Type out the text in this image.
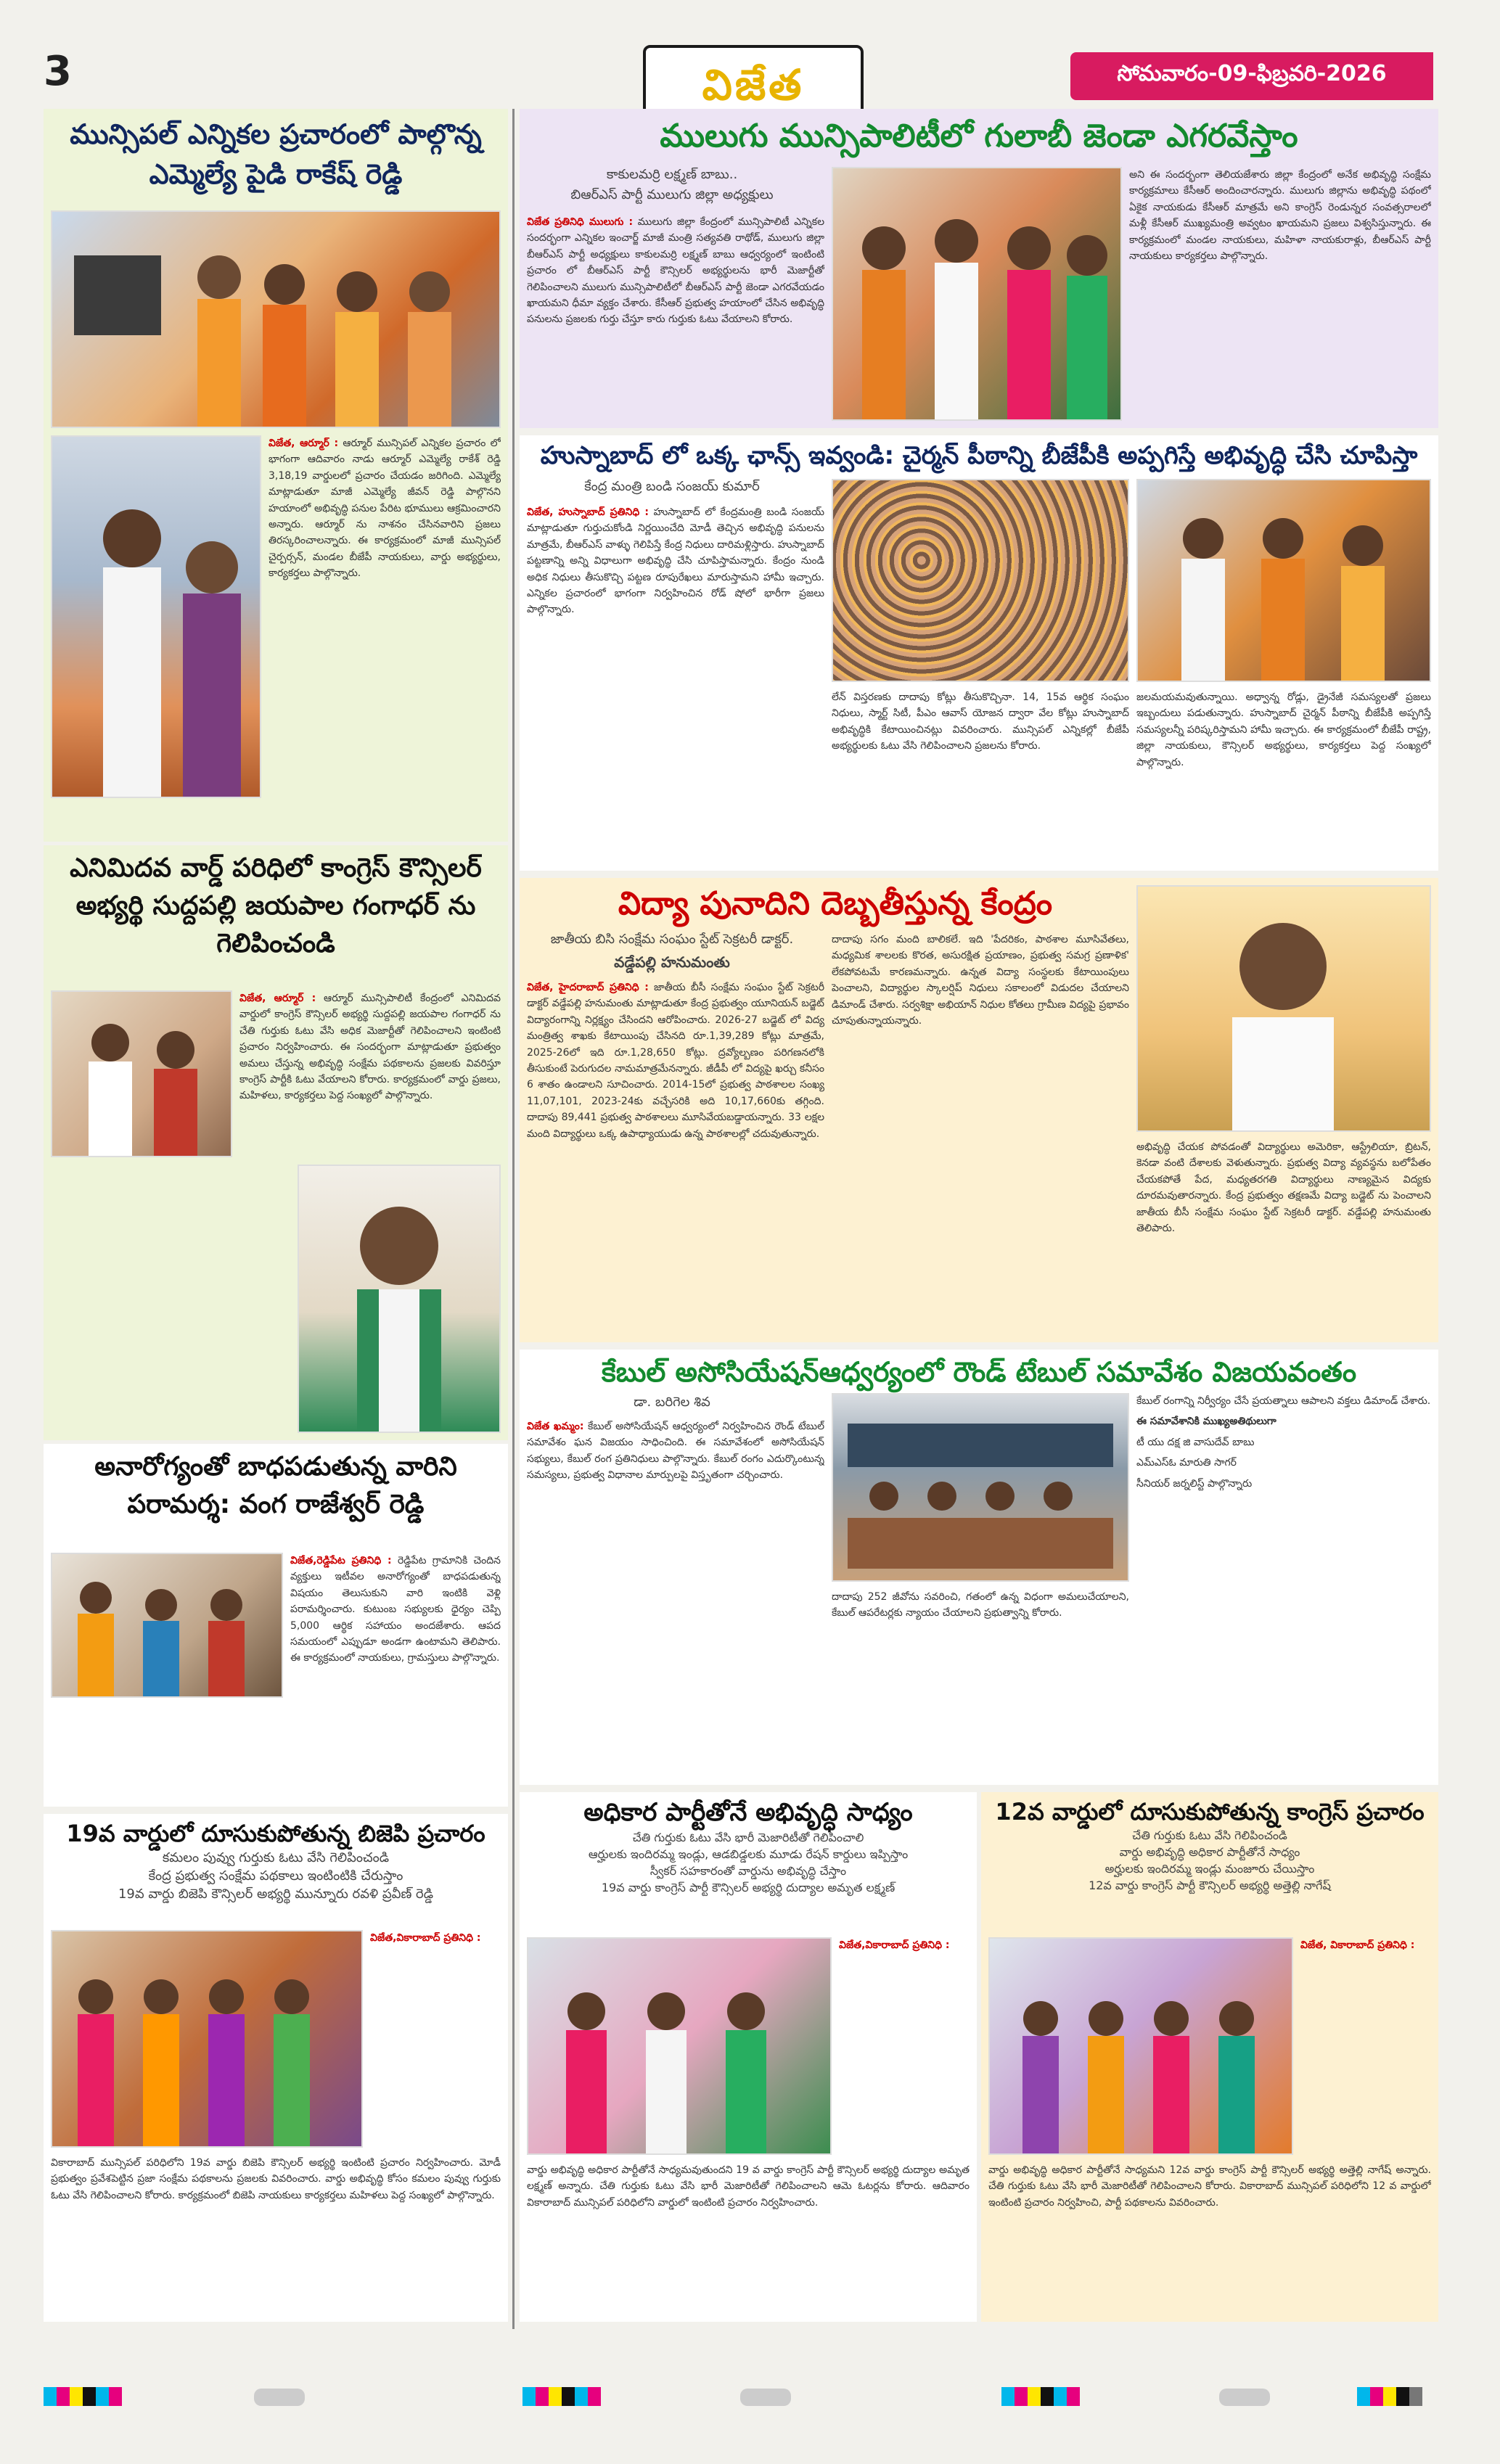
3	విజేత	సోమవారం-09-ఫిబ్రవరి-2026
మున్సిపల్ ఎన్నికల ప్రచారంలో పాల్గొన్న ఎమ్మెల్యే పైడి రాకేష్ రెడ్డి

విజేత, ఆర్మూర్ : ఆర్మూర్ మున్సిపల్ ఎన్నికల ప్రచారం లో భాగంగా ఆదివారం నాడు ఆర్మూర్ ఎమ్మెల్యే రాకేశ్ రెడ్డి 3,18,19 వార్డులలో ప్రచారం చేయడం జరిగింది. ఎమ్మెల్యే మాట్లాడుతూ మాజీ ఎమ్మెల్యే జీవన్ రెడ్డి పాల్గొనని హయాంలో అభివృద్ధి పనుల పేరిట భూములు ఆక్రమించారని అన్నారు. ఆర్మూర్ ను నాశనం చేసినవారిని ప్రజలు తిరస్కరించాలన్నారు. ఈ కార్యక్రమంలో మాజీ మున్సిపల్ చైర్పర్సన్, మండల బీజేపీ నాయకులు, వార్డు అభ్యర్థులు, కార్యకర్తలు పాల్గొన్నారు.

ఎనిమిదవ వార్డ్ పరిధిలో కాంగ్రెస్ కౌన్సిలర్ అభ్యర్థి సుద్దపల్లి జయపాల గంగాధర్ ను గెలిపించండి

విజేత, ఆర్మూర్ : ఆర్మూర్ మున్సిపాలిటీ కేంద్రంలో ఎనిమిదవ వార్డులో కాంగ్రెస్ కౌన్సిలర్ అభ్యర్థి సుద్దపల్లి జయపాల గంగాధర్ ను చేతి గుర్తుకు ఓటు వేసి అధిక మెజార్టీతో గెలిపించాలని ఇంటింటి ప్రచారం నిర్వహించారు. ఈ సందర్భంగా మాట్లాడుతూ ప్రభుత్వం అమలు చేస్తున్న అభివృద్ధి సంక్షేమ పథకాలను ప్రజలకు వివరిస్తూ కాంగ్రెస్ పార్టీకి ఓటు వేయాలని కోరారు. కార్యక్రమంలో వార్డు ప్రజలు, మహిళలు, కార్యకర్తలు పెద్ద సంఖ్యలో పాల్గొన్నారు.

అనారోగ్యంతో బాధపడుతున్న వారిని పరామర్శ: వంగ రాజేశ్వర్ రెడ్డి

విజేత,రెడ్డిపేట ప్రతినిధి : రెడ్డిపేట గ్రామానికి చెందిన వ్యక్తులు ఇటీవల అనారోగ్యంతో బాధపడుతున్న విషయం తెలుసుకుని వారి ఇంటికి వెళ్లి పరామర్శించారు. కుటుంబ సభ్యులకు ధైర్యం చెప్పి 5,000 ఆర్థిక సహాయం అందజేశారు. ఆపద సమయంలో ఎప్పుడూ అండగా ఉంటామని తెలిపారు. ఈ కార్యక్రమంలో నాయకులు, గ్రామస్తులు పాల్గొన్నారు.

19వ వార్డులో దూసుకుపోతున్న బిజెపి ప్రచారం
కమలం పువ్వు గుర్తుకు ఓటు వేసి గెలిపించండి
కేంద్ర ప్రభుత్వ సంక్షేమ పథకాలు ఇంటింటికి చేరుస్తాం
19వ వార్డు బిజెపి కౌన్సిలర్ అభ్యర్థి మున్నూరు రవళి ప్రవీణ్ రెడ్డి

విజేత,వికారాబాద్ ప్రతినిధి :

వికారాబాద్ మున్సిపల్ పరిధిలోని 19వ వార్డు బిజెపి కౌన్సిలర్ అభ్యర్థి ఇంటింటి ప్రచారం నిర్వహించారు. మోడీ ప్రభుత్వం ప్రవేశపెట్టిన ప్రజా సంక్షేమ పథకాలను ప్రజలకు వివరించారు. వార్డు అభివృద్ధి కోసం కమలం పువ్వు గుర్తుకు ఓటు వేసి గెలిపించాలని కోరారు. కార్యక్రమంలో బిజెపి నాయకులు కార్యకర్తలు మహిళలు పెద్ద సంఖ్యలో పాల్గొన్నారు.

ములుగు మున్సిపాలిటీలో గులాబీ జెండా ఎగరవేస్తాం
కాకులమర్రి లక్ష్మణ్ బాబు..
బిఆర్ఎస్ పార్టీ ములుగు జిల్లా అధ్యక్షులు

విజేత ప్రతినిధి ములుగు : ములుగు జిల్లా కేంద్రంలో మున్సిపాలిటీ ఎన్నికల సందర్భంగా ఎన్నికల ఇంచార్జ్ మాజీ మంత్రి సత్యవతి రాథోడ్, ములుగు జిల్లా బీఆర్ఎస్ పార్టీ అధ్యక్షులు కాకులమర్రి లక్ష్మణ్ బాబు ఆధ్వర్యంలో ఇంటింటి ప్రచారం లో బీఆర్ఎస్ పార్టీ కౌన్సిలర్ అభ్యర్థులను భారీ మెజార్టీతో గెలిపించాలని ములుగు మున్సిపాలిటీలో బీఆర్ఎస్ పార్టీ జెండా ఎగరవేయడం ఖాయమని ధీమా వ్యక్తం చేశారు. కేసీఆర్ ప్రభుత్వ హయాంలో చేసిన అభివృద్ధి పనులను ప్రజలకు గుర్తు చేస్తూ కారు గుర్తుకు ఓటు వేయాలని కోరారు.

అని ఈ సందర్భంగా తెలియజేశారు జిల్లా కేంద్రంలో అనేక అభివృద్ధి సంక్షేమ కార్యక్రమాలు కేసీఆర్ అందించారన్నారు. ములుగు జిల్లాను అభివృద్ధి పథంలో ఏకైక నాయకుడు కేసీఆర్ మాత్రమే అని కాంగ్రెస్ రెండున్నర సంవత్సరాలలో మళ్లీ కేసీఆర్ ముఖ్యమంత్రి అవ్వటం ఖాయమని ప్రజలు విశ్వసిస్తున్నారు. ఈ కార్యక్రమంలో మండల నాయకులు, మహిళా నాయకురాళ్లు, బీఆర్ఎస్ పార్టీ నాయకులు కార్యకర్తలు పాల్గొన్నారు.

హుస్నాబాద్ లో ఒక్క ఛాన్స్ ఇవ్వండి: చైర్మన్ పీఠాన్ని బీజేపీకి అప్పగిస్తే అభివృద్ధి చేసి చూపిస్తా
కేంద్ర మంత్రి బండి సంజయ్ కుమార్

విజేత, హుస్నాబాద్ ప్రతినిధి : హుస్నాబాద్ లో కేంద్రమంత్రి బండి సంజయ్ మాట్లాడుతూ గుర్తుచుకోండి నిర్ణయించేది మోడీ తెచ్చిన అభివృద్ధి పనులను మాత్రమే, బీఆర్ఎస్ వాళ్ళు గెలిపిస్తే కేంద్ర నిధులు దారిమళ్లిస్తారు. హుస్నాబాద్ పట్టణాన్ని అన్ని విధాలుగా అభివృద్ధి చేసి చూపిస్తామన్నారు. కేంద్రం నుండి అధిక నిధులు తీసుకొచ్చి పట్టణ రూపురేఖలు మారుస్తామని హామీ ఇచ్చారు. ఎన్నికల ప్రచారంలో భాగంగా నిర్వహించిన రోడ్ షోలో భారీగా ప్రజలు పాల్గొన్నారు.

లేన్ విస్తరణకు దాదాపు కోట్లు తీసుకొచ్చినా. 14, 15వ ఆర్థిక సంఘం నిధులు, స్మార్ట్ సిటీ, పీఎం ఆవాస్ యోజన ద్వారా వేల కోట్లు హుస్నాబాద్ అభివృద్ధికి కేటాయించినట్లు వివరించారు. మున్సిపల్ ఎన్నికల్లో బీజేపీ అభ్యర్థులకు ఓటు వేసి గెలిపించాలని ప్రజలను కోరారు.

జలమయమవుతున్నాయి. అధ్వాన్న రోడ్లు, డ్రైనేజీ సమస్యలతో ప్రజలు ఇబ్బందులు పడుతున్నారు. హుస్నాబాద్ చైర్మన్ పీఠాన్ని బీజేపీకి అప్పగిస్తే సమస్యలన్నీ పరిష్కరిస్తామని హామీ ఇచ్చారు. ఈ కార్యక్రమంలో బీజేపీ రాష్ట్ర, జిల్లా నాయకులు, కౌన్సిలర్ అభ్యర్థులు, కార్యకర్తలు పెద్ద సంఖ్యలో పాల్గొన్నారు.

విద్యా పునాదిని దెబ్బతీస్తున్న కేంద్రం
జాతీయ బిసి సంక్షేమ సంఘం స్టేట్ సెక్రటరీ డాక్టర్.
వడ్డేపల్లి హనుమంతు

విజేత, హైదరాబాద్ ప్రతినిధి : జాతీయ బీసీ సంక్షేమ సంఘం స్టేట్ సెక్రటరీ డాక్టర్ వడ్డేపల్లి హనుమంతు మాట్లాడుతూ కేంద్ర ప్రభుత్వం యూనియన్ బడ్జెట్ విద్యారంగాన్ని నిర్లక్ష్యం చేసిందని ఆరోపించారు. 2026-27 బడ్జెట్ లో విద్య మంత్రిత్వ శాఖకు కేటాయింపు చేసినది రూ.1,39,289 కోట్లు మాత్రమే, 2025-26లో ఇది రూ.1,28,650 కోట్లు. ద్రవ్యోల్బణం పరిగణనలోకి తీసుకుంటే పెరుగుదల నామమాత్రమేనన్నారు. జీడీపీ లో విద్యపై ఖర్చు కనీసం 6 శాతం ఉండాలని సూచించారు. 2014-15లో ప్రభుత్వ పాఠశాలల సంఖ్య 11,07,101, 2023-24కు వచ్చేసరికి అది 10,17,660కు తగ్గింది. దాదాపు 89,441 ప్రభుత్వ పాఠశాలలు మూసివేయబడ్డాయన్నారు. 33 లక్షల మంది విద్యార్థులు ఒక్క ఉపాధ్యాయుడు ఉన్న పాఠశాలల్లో చదువుతున్నారు.

దాదాపు సగం మంది బాలికలే. ఇది 'పేదరికం, పాఠశాల మూసివేతలు, మధ్యమిక శాలలకు కొరత, అసురక్షిత ప్రయాణం, ప్రభుత్వ సమగ్ర ప్రణాళిక' లేకపోవటమే కారణమన్నారు. ఉన్నత విద్యా సంస్థలకు కేటాయింపులు పెంచాలని, విద్యార్థుల స్కాలర్షిప్ నిధులు సకాలంలో విడుదల చేయాలని డిమాండ్ చేశారు. సర్వశిక్షా అభియాన్ నిధుల కోతలు గ్రామీణ విద్యపై ప్రభావం చూపుతున్నాయన్నారు.

అభివృద్ధి చేయక పోవడంతో విద్యార్థులు అమెరికా, ఆస్ట్రేలియా, బ్రిటన్, కెనడా వంటి దేశాలకు వెళుతున్నారు. ప్రభుత్వ విద్యా వ్యవస్థను బలోపేతం చేయకపోతే పేద, మధ్యతరగతి విద్యార్థులు నాణ్యమైన విద్యకు దూరమవుతారన్నారు. కేంద్ర ప్రభుత్వం తక్షణమే విద్యా బడ్జెట్ ను పెంచాలని జాతీయ బీసీ సంక్షేమ సంఘం స్టేట్ సెక్రటరీ డాక్టర్. వడ్డేపల్లి హనుమంతు తెలిపారు.

కేబుల్ అసోసియేషన్ఆధ్వర్యంలో రౌండ్ టేబుల్ సమావేశం విజయవంతం
డా. బరిగెల శివ

విజేత ఖమ్మం: కేబుల్ అసోసియేషన్ ఆధ్వర్యంలో నిర్వహించిన రౌండ్ టేబుల్ సమావేశం ఘన విజయం సాధించింది. ఈ సమావేశంలో అసోసియేషన్ సభ్యులు, కేబుల్ రంగ ప్రతినిధులు పాల్గొన్నారు. కేబుల్ రంగం ఎదుర్కొంటున్న సమస్యలు, ప్రభుత్వ విధానాల మార్పులపై విస్తృతంగా చర్చించారు.

దాదాపు 252 జీవోను సవరించి, గతంలో ఉన్న విధంగా అమలుచేయాలని, కేబుల్ ఆపరేటర్లకు న్యాయం చేయాలని ప్రభుత్వాన్ని కోరారు.

కేబుల్ రంగాన్ని నిర్వీర్యం చేసే ప్రయత్నాలు ఆపాలని వక్తలు డిమాండ్ చేశారు.

ఈ సమావేశానికి ముఖ్యఅతిథులుగా

టీ యు దక్ష జి వాసుదేవ్ బాబు

ఎమ్ఎస్ఓ మారుతి సాగర్

సీనియర్ జర్నలిస్ట్ పాల్గొన్నారు

అధికార పార్టీతోనే అభివృద్ధి సాధ్యం
చేతి గుర్తుకు ఓటు వేసి భారీ మెజారిటీతో గెలిపించాలి
ఆర్హులకు ఇందిరమ్మ ఇండ్లు, ఆడబిడ్డలకు మూడు రేషన్ కార్డులు ఇప్పిస్తాం
స్వీకర్ సహకారంతో వార్డును అభివృద్ధి చేస్తాం
19వ వార్డు కాంగ్రెస్ పార్టీ కౌన్సిలర్ అభ్యర్థి దుద్యాల అమృత లక్ష్మణ్

విజేత,వికారాబాద్ ప్రతినిధి :

వార్డు అభివృద్ధి అధికార పార్టీతోనే సాధ్యమవుతుందని 19 వ వార్డు కాంగ్రెస్ పార్టీ కౌన్సిలర్ అభ్యర్థి దుద్యాల అమృత లక్ష్మణ్ అన్నారు. చేతి గుర్తుకు ఓటు వేసి భారీ మెజారిటీతో గెలిపించాలని ఆమె ఓటర్లను కోరారు. ఆదివారం వికారాబాద్ మున్సిపల్ పరిధిలోని వార్డులో ఇంటింటి ప్రచారం నిర్వహించారు.

12వ వార్డులో దూసుకుపోతున్న కాంగ్రెస్ ప్రచారం
చేతి గుర్తుకు ఓటు వేసి గెలిపించండి
వార్డు అభివృద్ధి అధికార పార్టీతోనే సాధ్యం
అర్హులకు ఇందిరమ్మ ఇండ్లు మంజూరు చేయిస్తాం
12వ వార్డు కాంగ్రెస్ పార్టీ కౌన్సిలర్ అభ్యర్థి అత్తెల్లి నాగేష్

విజేత, వికారాబాద్ ప్రతినిధి :

వార్డు అభివృద్ధి అధికార పార్టీతోనే సాధ్యమని 12వ వార్డు కాంగ్రెస్ పార్టీ కౌన్సిలర్ అభ్యర్థి అత్తెల్లి నాగేష్ అన్నారు. చేతి గుర్తుకు ఓటు వేసి భారీ మెజారిటీతో గెలిపించాలని కోరారు. వికారాబాద్ మున్సిపల్ పరిధిలోని 12 వ వార్డులో ఇంటింటి ప్రచారం నిర్వహించి, పార్టీ పథకాలను వివరించారు.
